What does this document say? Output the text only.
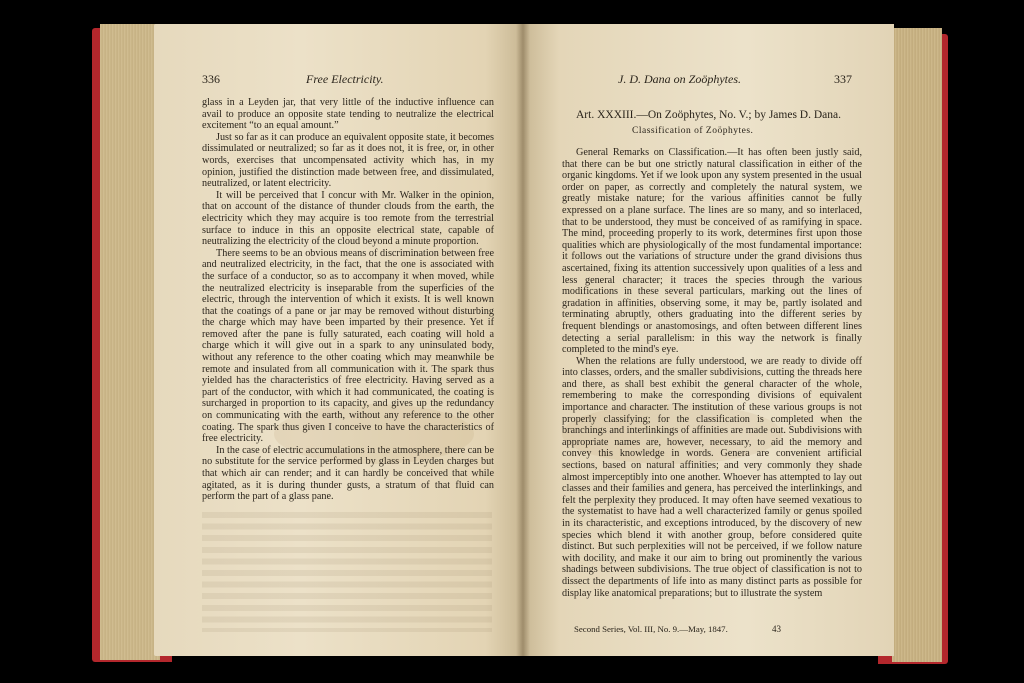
336	Free Electricity.

glass in a Leyden jar, that very little of the inductive influence can avail to produce an opposite state tending to neutralize the electrical excitement “to an equal amount.”

Just so far as it can produce an equivalent opposite state, it becomes dissimulated or neutralized; so far as it does not, it is free, or, in other words, exercises that uncompensated activity which has, in my opinion, justified the distinction made between free, and dissimulated, neutralized, or latent electricity.

It will be perceived that I concur with Mr. Walker in the opinion, that on account of the distance of thunder clouds from the earth, the electricity which they may acquire is too remote from the terrestrial surface to induce in this an opposite electrical state, capable of neutralizing the electricity of the cloud beyond a minute proportion.

There seems to be an obvious means of discrimination between free and neutralized electricity, in the fact, that the one is associated with the surface of a conductor, so as to accompany it when moved, while the neutralized electricity is inseparable from the superficies of the electric, through the intervention of which it exists. It is well known that the coatings of a pane or jar may be removed without disturbing the charge which may have been imparted by their presence. Yet if removed after the pane is fully saturated, each coating will hold a charge which it will give out in a spark to any uninsulated body, without any reference to the other coating which may meanwhile be remote and insulated from all communication with it. The spark thus yielded has the characteristics of free electricity. Having served as a part of the conductor, with which it had communicated, the coating is surcharged in proportion to its capacity, and gives up the redundancy on communicating with the earth, without any reference to the other coating. The spark thus given I conceive to have the characteristics of free electricity.

In the case of electric accumulations in the atmosphere, there can be no substitute for the service performed by glass in Leyden charges but that which air can render; and it can hardly be conceived that while agitated, as it is during thunder gusts, a stratum of that fluid can perform the part of a glass pane.

J. D. Dana on Zoöphytes.	337
Art. XXXIII.—On Zoöphytes, No. V.; by James D. Dana.
Classification of Zoöphytes.

General Remarks on Classification.—It has often been justly said, that there can be but one strictly natural classification in either of the organic kingdoms. Yet if we look upon any system presented in the usual order on paper, as correctly and completely the natural system, we greatly mistake nature; for the various affinities cannot be fully expressed on a plane surface. The lines are so many, and so interlaced, that to be understood, they must be conceived of as ramifying in space. The mind, proceeding properly to its work, determines first upon those qualities which are physiologically of the most fundamental importance: it follows out the variations of structure under the grand divisions thus ascertained, fixing its attention successively upon qualities of a less and less general character; it traces the species through the various modifications in these several particulars, marking out the lines of gradation in affinities, observing some, it may be, partly isolated and terminating abruptly, others graduating into the different series by frequent blendings or anastomosings, and often between different lines detecting a serial parallelism: in this way the network is finally completed to the mind's eye.

When the relations are fully understood, we are ready to divide off into classes, orders, and the smaller subdivisions, cutting the threads here and there, as shall best exhibit the general character of the whole, remembering to make the corresponding divisions of equivalent importance and character. The institution of these various groups is not properly classifying; for the classification is completed when the branchings and interlinkings of affinities are made out. Subdivisions with appropriate names are, however, necessary, to aid the memory and convey this knowledge in words. Genera are convenient artificial sections, based on natural affinities; and very commonly they shade almost imperceptibly into one another. Whoever has attempted to lay out classes and their families and genera, has perceived the interlinkings, and felt the perplexity they produced. It may often have seemed vexatious to the systematist to have had a well characterized family or genus spoiled in its characteristic, and exceptions introduced, by the discovery of new species which blend it with another group, before considered quite distinct. But such perplexities will not be perceived, if we follow nature with docility, and make it our aim to bring out prominently the various shadings between subdivisions. The true object of classification is not to dissect the departments of life into as many distinct parts as possible for display like anatomical preparations; but to illustrate the system

Second Series, Vol. III, No. 9.—May, 1847.	43
